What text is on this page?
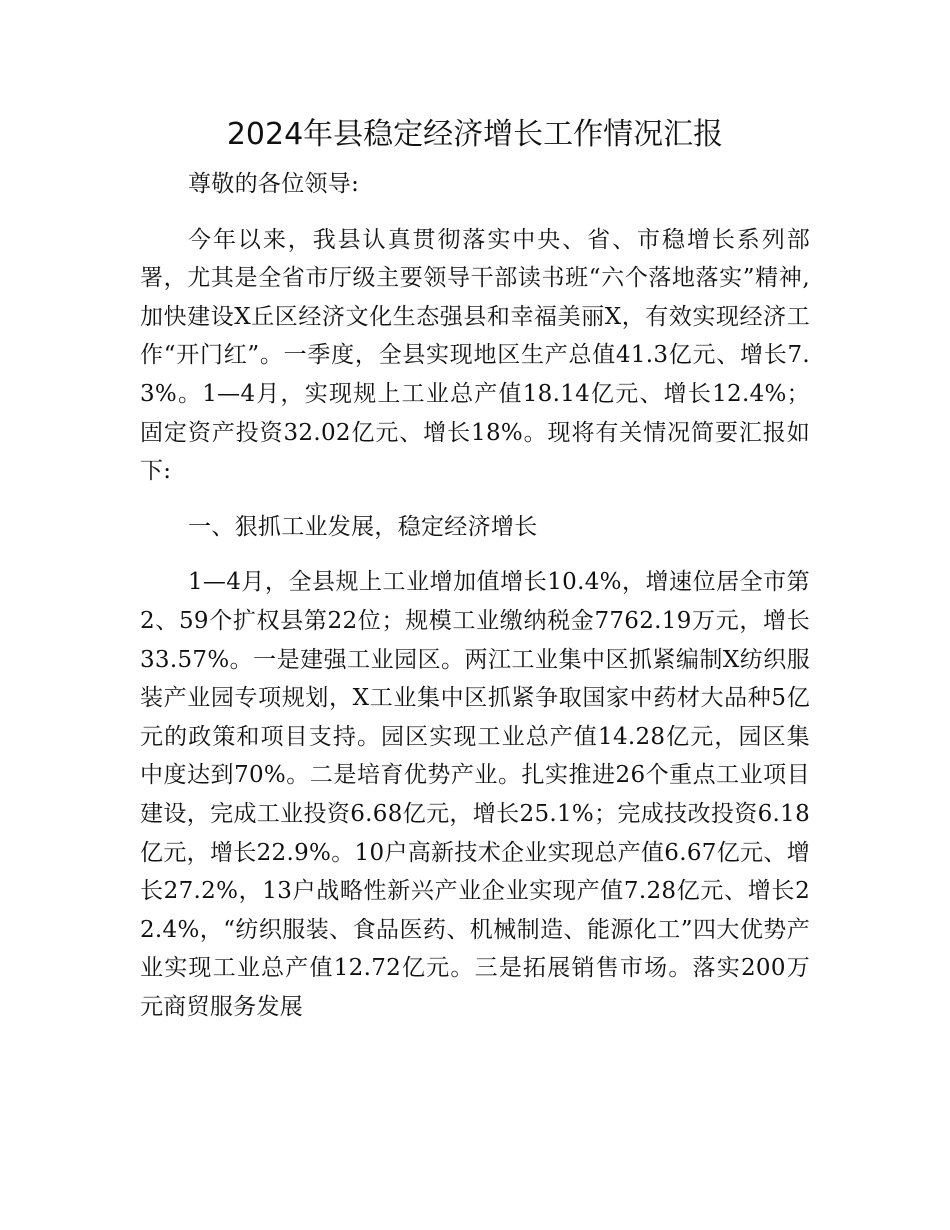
2024年县稳定经济增长工作情况汇报

尊敬的各位领导:

今年以来，我县认真贯彻落实中央、省、市稳增长系列部署，尤其是全省市厅级主要领导干部读书班“六个落地落实”精神,加快建设X丘区经济文化生态强县和幸福美丽X，有效实现经济工作“开门红”。一季度，全县实现地区生产总值41.3亿元、增长7.3%。1—4月，实现规上工业总产值18.14亿元、增长12.4%；固定资产投资32.02亿元、增长18%。现将有关情况简要汇报如下:

一、狠抓工业发展，稳定经济增长

1—4月，全县规上工业增加值增长10.4%，增速位居全市第2、59个扩权县第22位；规模工业缴纳税金7762.19万元，增长33.57%。一是建强工业园区。两江工业集中区抓紧编制X纺织服装产业园专项规划，X工业集中区抓紧争取国家中药材大品种5亿元的政策和项目支持。园区实现工业总产值14.28亿元，园区集中度达到70%。二是培育优势产业。扎实推进26个重点工业项目建设，完成工业投资6.68亿元，增长25.1%；完成技改投资6.18亿元，增长22.9%。10户高新技术企业实现总产值6.67亿元、增长27.2%，13户战略性新兴产业企业实现产值7.28亿元、增长22.4%，“纺织服装、食品医药、机械制造、能源化工”四大优势产业实现工业总产值12.72亿元。三是拓展销售市场。落实200万元商贸服务发展
